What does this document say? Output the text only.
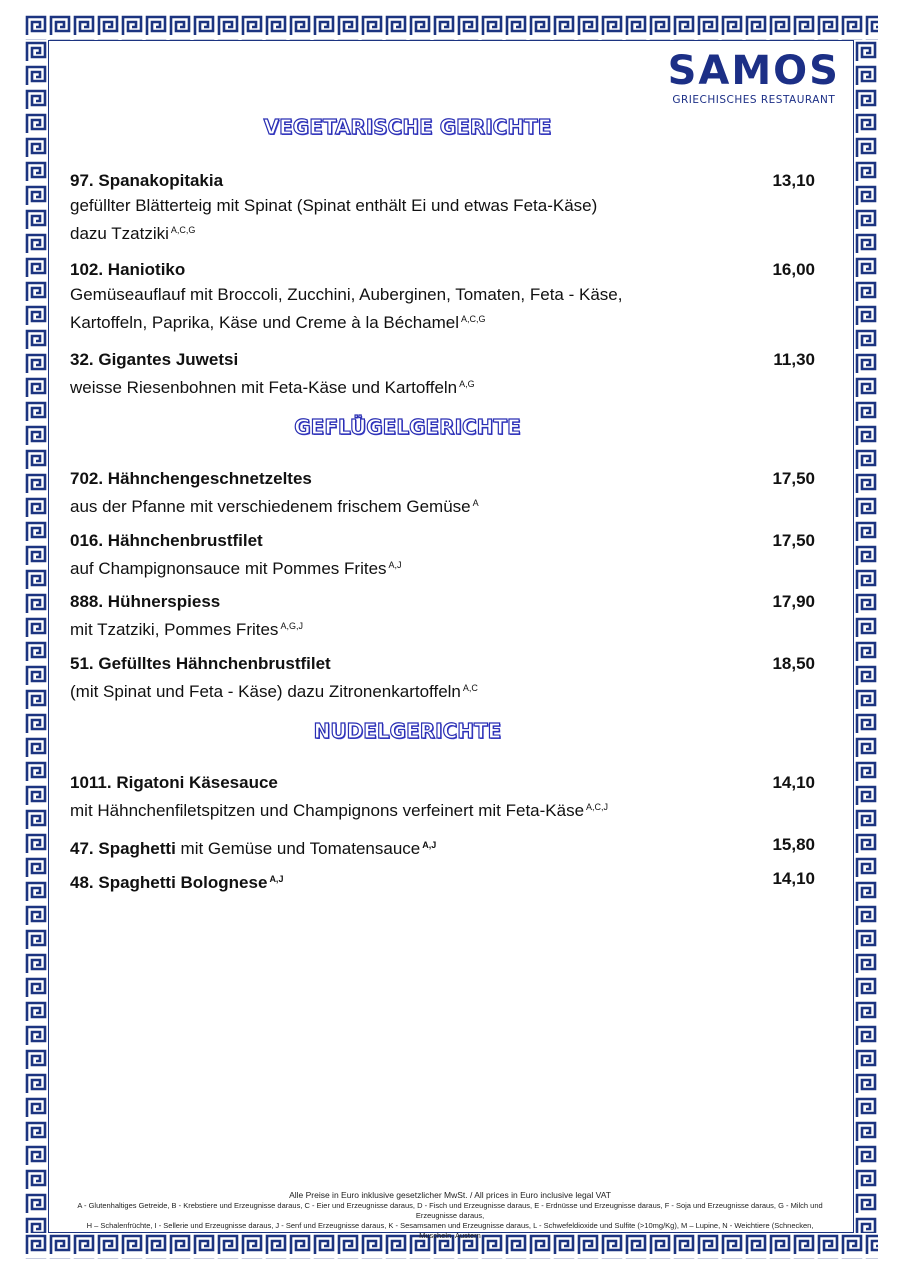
SAMOS
GRIECHISCHES RESTAURANT
VEGETARISCHE GERICHTE
97. Spanakopitakia	13,10
gefüllter Blätterteig mit Spinat (Spinat enthält Ei und etwas Feta-Käse)
dazu Tzatziki $^{A,C,G}$
102. Haniotiko	16,00
Gemüseauflauf mit Broccoli, Zucchini, Auberginen, Tomaten, Feta - Käse,
Kartoffeln, Paprika, Käse und Creme à la Béchamel $^{A,C,G}$
32. Gigantes Juwetsi	11,30
weisse Riesenbohnen mit Feta-Käse und Kartoffeln $^{A,G}$
GEFLÜGELGERICHTE
702. Hähnchengeschnetzeltes	17,50
aus der Pfanne mit verschiedenem frischem Gemüse $^A$
016. Hähnchenbrustfilet	17,50
auf Champignonsauce mit Pommes Frites $^{A,J}$
888. Hühnerspiess	17,90
mit Tzatziki, Pommes Frites $^{A,G,J}$
51. Gefülltes Hähnchenbrustfilet	18,50
(mit Spinat und Feta - Käse) dazu Zitronenkartoffeln $^{A,C}$
NUDELGERICHTE
1011. Rigatoni Käsesauce	14,10
mit Hähnchenfiletspitzen und Champignons verfeinert mit Feta-Käse $^{A,C,J}$
47. Spaghetti mit Gemüse und Tomatensauce $^{A,J}$	15,80
48. Spaghetti Bolognese $^{A,J}$	14,10
Alle Preise in Euro inklusive gesetzlicher MwSt. / All prices in Euro inclusive legal VAT
A - Glutenhaltiges Getreide, B - Krebstiere und Erzeugnisse daraus, C - Eier und Erzeugnisse daraus, D - Fisch und Erzeugnisse daraus, E - Erdnüsse und Erzeugnisse daraus, F - Soja und Erzeugnisse daraus, G - Milch und Erzeugnisse daraus,
H – Schalenfrüchte, I - Sellerie und Erzeugnisse daraus, J - Senf und Erzeugnisse daraus, K - Sesamsamen und Erzeugnisse daraus, L - Schwefeldioxide und Sulfite (>10mg/Kg), M – Lupine, N - Weichtiere (Schnecken, Muscheln, Austern
